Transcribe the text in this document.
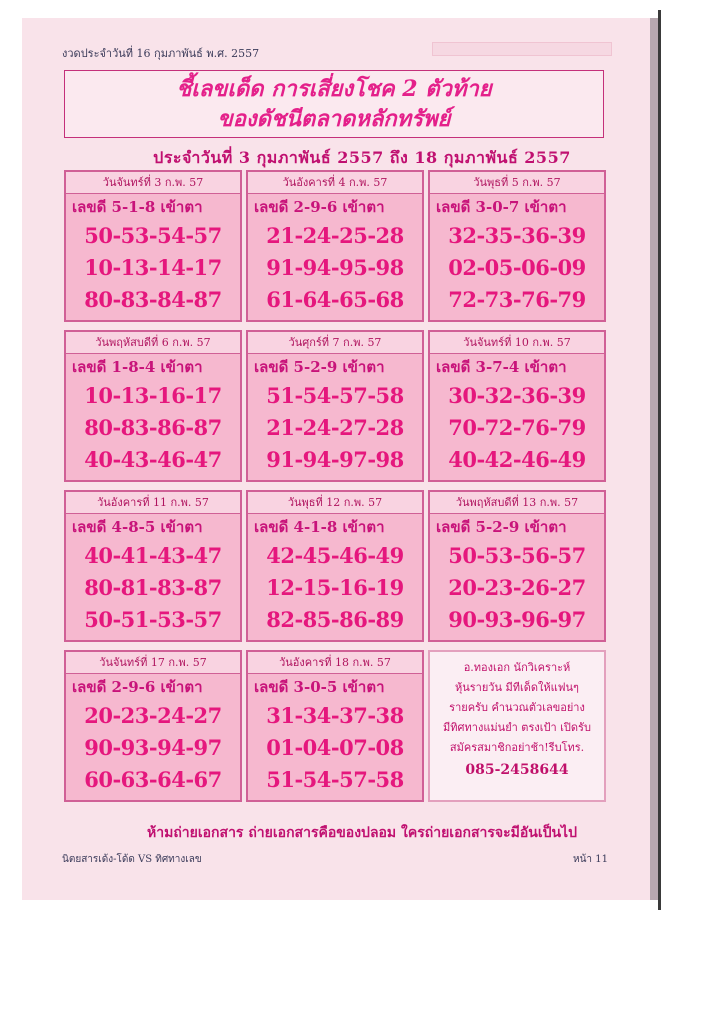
งวดประจำวันที่ 16 กุมภาพันธ์ พ.ศ. 2557
ชี้เลขเด็ด การเสี่ยงโชค 2 ตัวท้าย
ของดัชนีตลาดหลักทรัพย์
ประจำวันที่ 3 กุมภาพันธ์ 2557 ถึง 18 กุมภาพันธ์ 2557
วันจันทร์ที่ 3 ก.พ. 57
เลขดี 5-1-8 เข้าตา
50-53-54-57
10-13-14-17
80-83-84-87
วันอังคารที่ 4 ก.พ. 57
เลขดี 2-9-6 เข้าตา
21-24-25-28
91-94-95-98
61-64-65-68
วันพุธที่ 5 ก.พ. 57
เลขดี 3-0-7 เข้าตา
32-35-36-39
02-05-06-09
72-73-76-79
วันพฤหัสบดีที่ 6 ก.พ. 57
เลขดี 1-8-4 เข้าตา
10-13-16-17
80-83-86-87
40-43-46-47
วันศุกร์ที่ 7 ก.พ. 57
เลขดี 5-2-9 เข้าตา
51-54-57-58
21-24-27-28
91-94-97-98
วันจันทร์ที่ 10 ก.พ. 57
เลขดี 3-7-4 เข้าตา
30-32-36-39
70-72-76-79
40-42-46-49
วันอังคารที่ 11 ก.พ. 57
เลขดี 4-8-5 เข้าตา
40-41-43-47
80-81-83-87
50-51-53-57
วันพุธที่ 12 ก.พ. 57
เลขดี 4-1-8 เข้าตา
42-45-46-49
12-15-16-19
82-85-86-89
วันพฤหัสบดีที่ 13 ก.พ. 57
เลขดี 5-2-9 เข้าตา
50-53-56-57
20-23-26-27
90-93-96-97
วันจันทร์ที่ 17 ก.พ. 57
เลขดี 2-9-6 เข้าตา
20-23-24-27
90-93-94-97
60-63-64-67
วันอังคารที่ 18 ก.พ. 57
เลขดี 3-0-5 เข้าตา
31-34-37-38
01-04-07-08
51-54-57-58
อ.ทองเอก นักวิเคราะห์
หุ้นรายวัน มีทีเด็ดให้แฟนๆ
รายครับ คำนวณตัวเลขอย่าง
มีทิศทางแม่นยำ ตรงเป้า เปิดรับ
สมัครสมาชิกอย่าช้า!รีบโทร.
085-2458644
ห้ามถ่ายเอกสาร ถ่ายเอกสารคือของปลอม ใครถ่ายเอกสารจะมีอันเป็นไป
นิตยสารเด้ง-โด้ด VS ทิศทางเลข	หน้า 11
